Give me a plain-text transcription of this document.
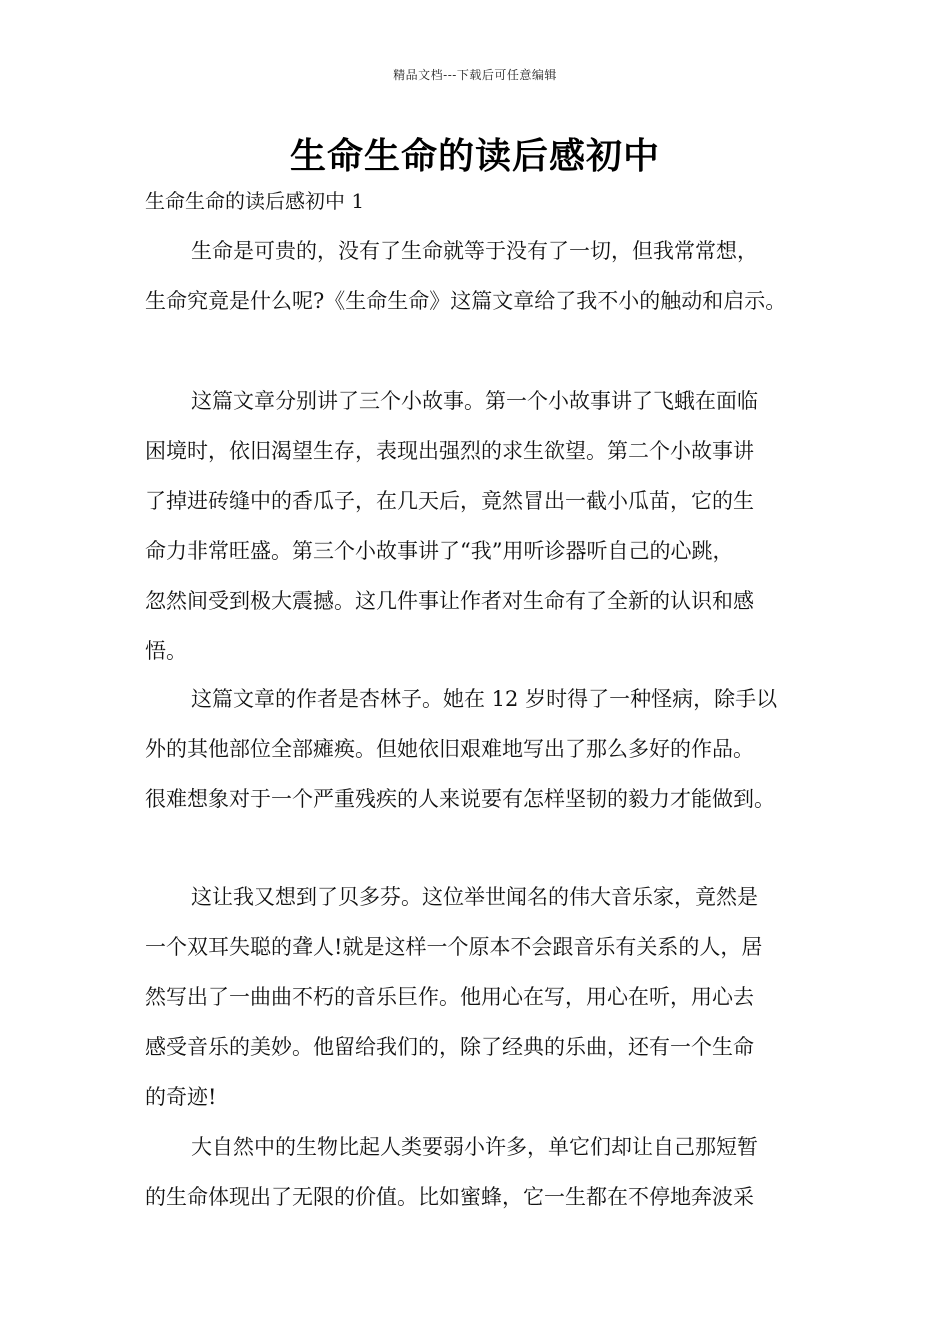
精品文档---下载后可任意编辑
生命生命的读后感初中

生命生命的读后感初中 1

生命是可贵的，没有了生命就等于没有了一切，但我常常想，
生命究竟是什么呢?《生命生命》这篇文章给了我不小的触动和启示。
这篇文章分别讲了三个小故事。第一个小故事讲了飞蛾在面临
困境时，依旧渴望生存，表现出强烈的求生欲望。第二个小故事讲
了掉进砖缝中的香瓜子，在几天后，竟然冒出一截小瓜苗，它的生
命力非常旺盛。第三个小故事讲了“我”用听诊器听自己的心跳，
忽然间受到极大震撼。这几件事让作者对生命有了全新的认识和感
悟。
这篇文章的作者是杏林子。她在 12 岁时得了一种怪病，除手以
外的其他部位全部瘫痪。但她依旧艰难地写出了那么多好的作品。
很难想象对于一个严重残疾的人来说要有怎样坚韧的毅力才能做到。
这让我又想到了贝多芬。这位举世闻名的伟大音乐家，竟然是
一个双耳失聪的聋人!就是这样一个原本不会跟音乐有关系的人，居
然写出了一曲曲不朽的音乐巨作。他用心在写，用心在听，用心去
感受音乐的美妙。他留给我们的，除了经典的乐曲，还有一个生命
的奇迹!
大自然中的生物比起人类要弱小许多，单它们却让自己那短暂
的生命体现出了无限的价值。比如蜜蜂，它一生都在不停地奔波采
